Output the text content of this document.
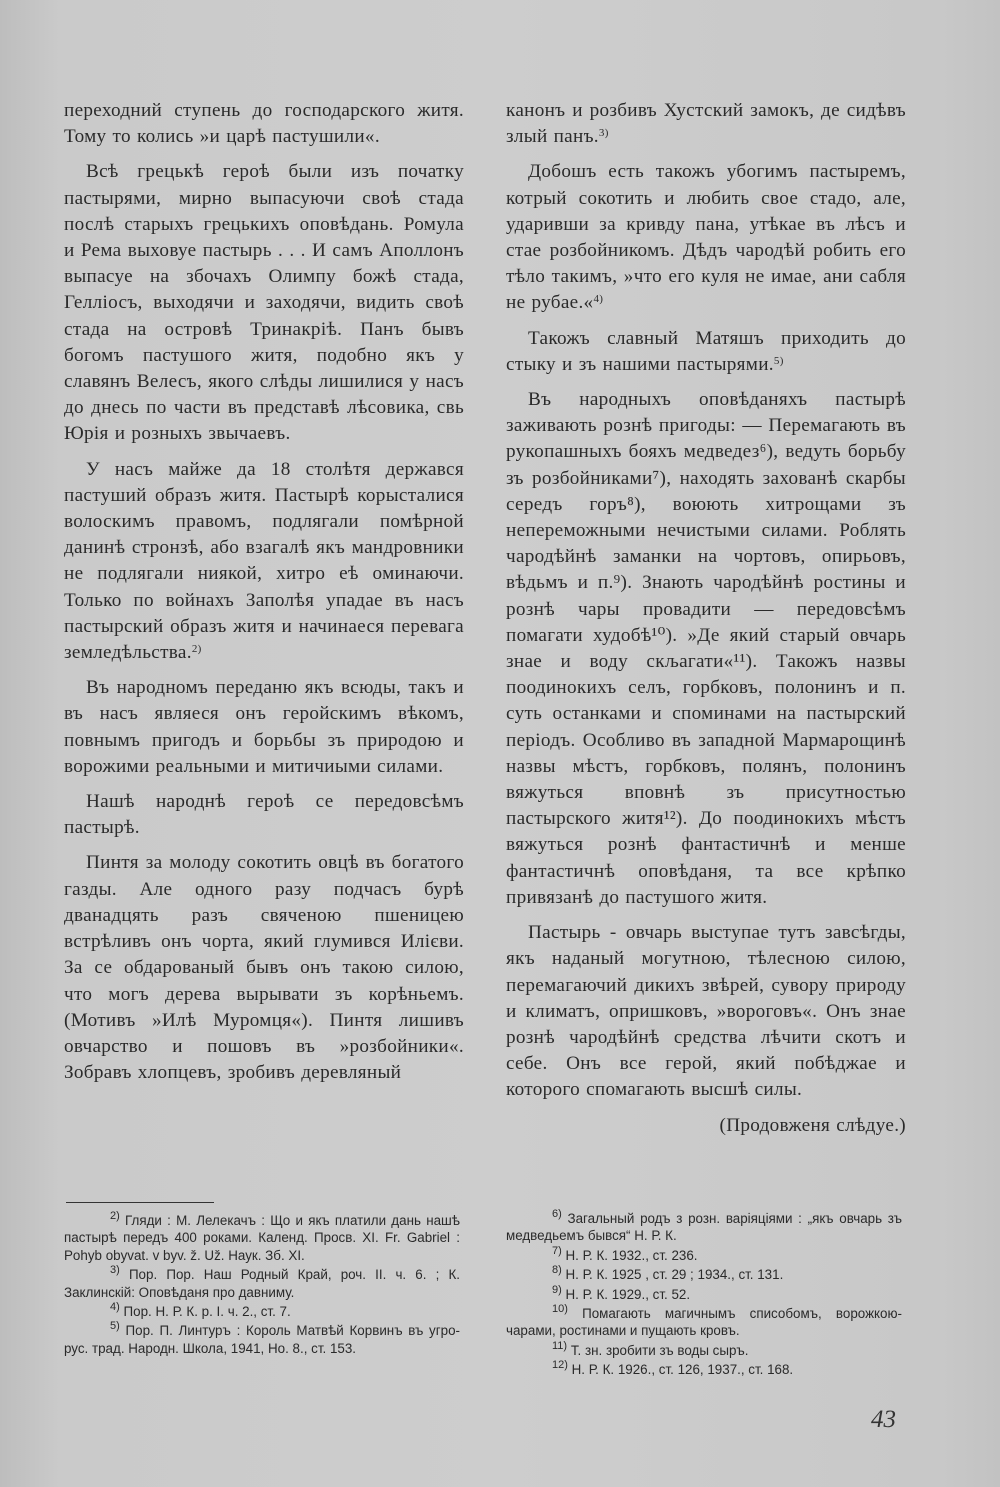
переходний ступень до господарского житя. Тому то колись »и царѣ пастушили«.

Всѣ грецькѣ героѣ были изъ початку пастырями, мирно выпасуючи своѣ стада послѣ старыхъ грецькихъ оповѣдань. Ромула и Рема выховуе пастырь . . . И самъ Аполлонъ выпасуе на збочахъ Олимпу божѣ стада, Гелліосъ, выходячи и заходячи, видить своѣ стада на островѣ Тринакріѣ. Панъ бывъ богомъ пастушого житя, подобно якъ у славянъ Велесъ, якого слѣды лишилися у насъ до днесь по части въ представѣ лѣсовика, свь Юрія и розныхъ звычаевъ.

У насъ майже да 18 столѣтя держався пастуший образъ житя. Пастырѣ корысталися волоскимъ правомъ, подлягали помѣрной данинѣ стронзѣ, або взагалѣ якъ мандровники не подлягали ниякой, хитро еѣ оминаючи. Только по войнахъ Заполѣя упадае въ насъ пастырский образъ житя и начинаеся перевага земледѣльства.$^{2)}$

Въ народномъ переданю якъ всюды, такъ и въ насъ являеся онъ геройскимъ вѣкомъ, повнымъ пригодъ и борьбы зъ природою и ворожими реальными и митичиыми силами.

Нашѣ народнѣ героѣ се передовсѣмъ пастырѣ.

Пинтя за молоду сокотить овцѣ въ богатого газды. Але одного разу подчасъ бурѣ дванадцять разъ свяченою пшеницею встрѣливъ онъ чорта, який глумився Илієви. За се обдарованый бывъ онъ такою силою, что могъ дерева вырывати зъ корѣньемъ. (Мотивъ »Илѣ Муромця«). Пинтя лишивъ овчарство и пошовъ въ »розбойники«. Зобравъ хлопцевъ, зробивъ деревляный

канонъ и розбивъ Хустский замокъ, де сидѣвъ злый панъ.$^{3)}$

Добошъ есть такожъ убогимъ пастыремъ, котрый сокотить и любить свое стадо, але, ударивши за кривду пана, утѣкае въ лѣсъ и стае розбойникомъ. Дѣдъ чародѣй робить его тѣло такимъ, »что его куля не имае, ани сабля не рубае.«$^{4)}$

Такожъ славный Матяшъ приходить до стыку и зъ нашими пастырями.$^{5)}$

Въ народныхъ оповѣданяхъ пастырѣ заживають рознѣ пригоды: — Перемагають въ рукопашныхъ бояхъ медведез⁶), ведуть борьбу зъ розбойниками⁷), находять захованѣ скарбы середъ горъ⁸), воюють хитрощами зъ непереможными нечистыми силами. Роблять чародѣйнѣ заманки на чортовъ, опирьовъ, вѣдьмъ и п.⁹). Знають чародѣйнѣ ростины и рознѣ чары провадити — передовсѣмъ помагати худобѣ¹⁰). »Де який старый овчарь знае и воду скљагати«¹¹). Такожъ назвы поодинокихъ селъ, горбковъ, полонинъ и п. суть останками и споминами на пастырский періодъ. Особливо въ западной Мармарощинѣ назвы мѣстъ, горбковъ, полянъ, полонинъ вяжуться вповнѣ зъ присутностью пастырского житя¹²). До поодинокихъ мѣстъ вяжуться рознѣ фантастичнѣ и менше фантастичнѣ оповѣданя, та все крѣпко привязанѣ до пастушого житя.

Пастырь - овчарь выступае тутъ завсѣгды, якъ наданый могутною, тѣлесною силою, перемагаючий дикихъ звѣрей, сувору природу и климатъ, опришковъ, »вороговъ«. Онъ знае рознѣ чародѣйнѣ средства лѣчити скотъ и себе. Онъ все герой, який побѣджае и которого спомагають высшѣ силы.

(Продовженя слѣдуе.)

$^{2)}$ Гляди : М. Лелекачъ : Що и якъ платили дань нашѣ пастырѣ передъ 400 роками. Календ. Просв. XI. Fr. Gabriel : Pohyb obyvat. v byv. ž. Už. Наук. Зб. XI.

$^{3)}$ Пор. Пор. Наш Родный Край, роч. II. ч. 6. ; К. Заклинскій: Оповѣданя про давниму.

$^{4)}$ Пор. Н. Р. К. р. I. ч. 2., ст. 7.

$^{5)}$ Пор. П. Линтуръ : Король Матвѣй Корвинъ въ угро-рус. трад. Народн. Школа, 1941, Но. 8., ст. 153.

$^{6)}$ Загальный родъ з розн. варіяціями : „якъ овчарь зъ медведьемъ бывся“ Н. Р. К.

$^{7)}$ Н. Р. К. 1932., ст. 236.

$^{8)}$ Н. Р. К. 1925 , ст. 29 ; 1934., ст. 131.

$^{9)}$ Н. Р. К. 1929., ст. 52.

$^{10)}$ Помагають магичнымъ списобомъ, ворожкою-чарами, ростинами и пущають кровъ.

$^{11)}$ Т. зн. зробити зъ воды сыръ.

$^{12)}$ Н. Р. К. 1926., ст. 126, 1937., ст. 168.

43
